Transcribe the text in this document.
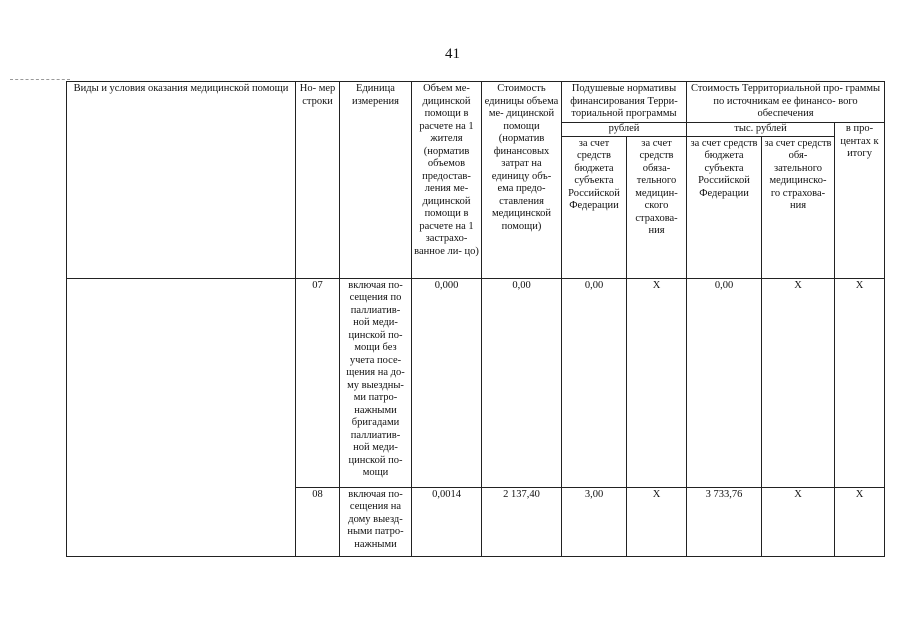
41
Виды и условия оказания медицинской помощи	Но- мер строки	Единица измерения	Объем ме- дицинской помощи в расчете на 1 жителя (норматив объемов предостав- ления ме- дицинской помощи в расчете на 1 застрахо- ванное ли- цо)	Стоимость единицы объема ме- дицинской помощи (норматив финансовых затрат на единицу объ- ема предо- ставления медицинской помощи)	Подушевые нормативы финансирования Терри- ториальной программы		Стоимость Территориальной про- граммы по источникам ее финансо- вого обеспечения		
					рублей		тыс. рублей		в про- центах к итогу
					за счет средств бюджета субъекта Российской Федерации	за счет средств обяза- тельного медицин- ского страхова- ния	за счет средств бюджета субъекта Российской Федерации	за счет средств обя- зательного медицинско- го страхова- ния	
	07	включая по- сещения по паллиатив- ной меди- цинской по- мощи без учета посе- щения на до- му выездны- ми патро- нажными бригадами паллиатив- ной меди- цинской по- мощи	0,000	0,00	0,00	X	0,00	X	X
	08	включая по- сещения на дому выезд- ными патро- нажными	0,0014	2 137,40	3,00	X	3 733,76	X	X
